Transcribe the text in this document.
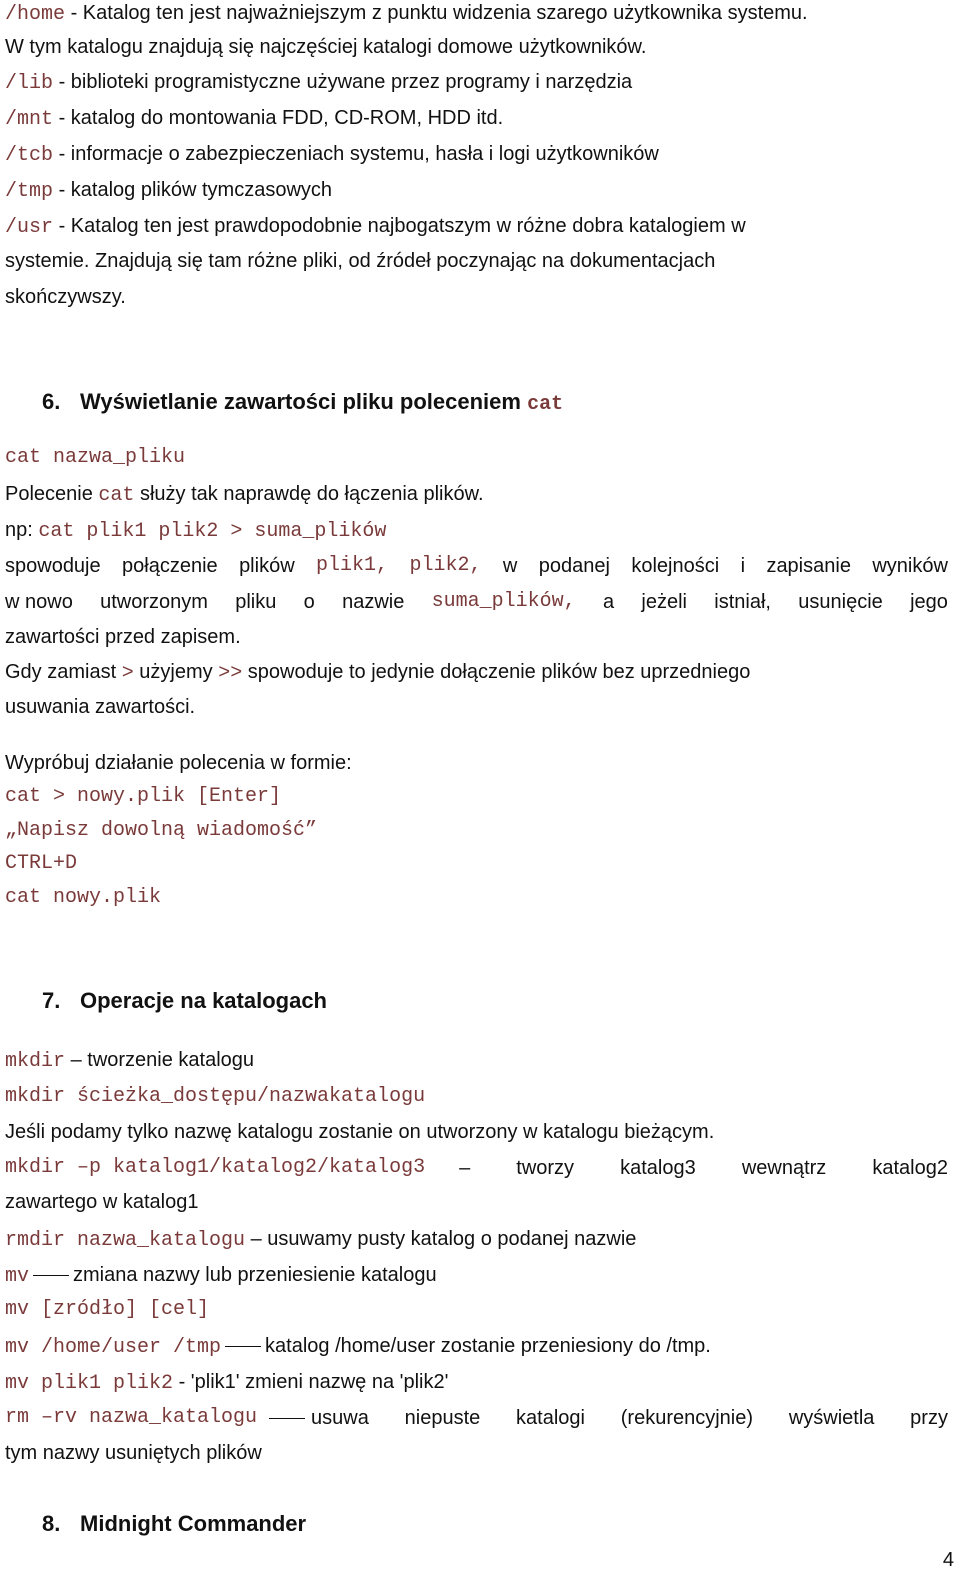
/home - Katalog ten jest najważniejszym z punktu widzenia szarego użytkownika systemu.
W tym katalogu znajdują się najczęściej katalogi domowe użytkowników.
/lib - biblioteki programistyczne używane przez programy i narzędzia
/mnt - katalog do montowania FDD, CD-ROM, HDD itd.
/tcb - informacje o zabezpieczeniach systemu, hasła i logi użytkowników
/tmp - katalog plików tymczasowych
/usr - Katalog ten jest prawdopodobnie najbogatszym w różne dobra katalogiem w
systemie. Znajdują się tam różne pliki, od źródeł poczynając na dokumentacjach
skończywszy.
6. Wyświetlanie zawartości pliku poleceniem cat
cat nazwa_pliku
Polecenie cat służy tak naprawdę do łączenia plików.
np: cat plik1 plik2 > suma_plików
spowoduje połączenie plików plik1, plik2, w podanej kolejności i zapisanie wyników
w nowo utworzonym pliku o nazwie suma_plików, a jeżeli istniał, usunięcie jego
zawartości przed zapisem.
Gdy zamiast > użyjemy >> spowoduje to jedynie dołączenie plików bez uprzedniego
usuwania zawartości.
Wypróbuj działanie polecenia w formie:
cat > nowy.plik [Enter]
„Napisz dowolną wiadomość”
CTRL+D
cat nowy.plik
7. Operacje na katalogach
mkdir – tworzenie katalogu
mkdir ścieżka_dostępu/nazwakatalogu
Jeśli podamy tylko nazwę katalogu zostanie on utworzony w katalogu bieżącym.
mkdir –p katalog1/katalog2/katalog3 – tworzy katalog3 wewnątrz katalog2
zawartego w katalog1
rmdir nazwa_katalogu – usuwamy pusty katalog o podanej nazwie
mv zmiana nazwy lub przeniesienie katalogu
mv [zródło] [cel]
mv /home/user /tmp katalog /home/user zostanie przeniesiony do /tmp.
mv plik1 plik2 - 'plik1' zmieni nazwę na 'plik2'
rm –rv nazwa_katalogu	usuwa niepuste katalogi (rekurencyjnie) wyświetla przy
tym nazwy usuniętych plików
8. Midnight Commander
4
